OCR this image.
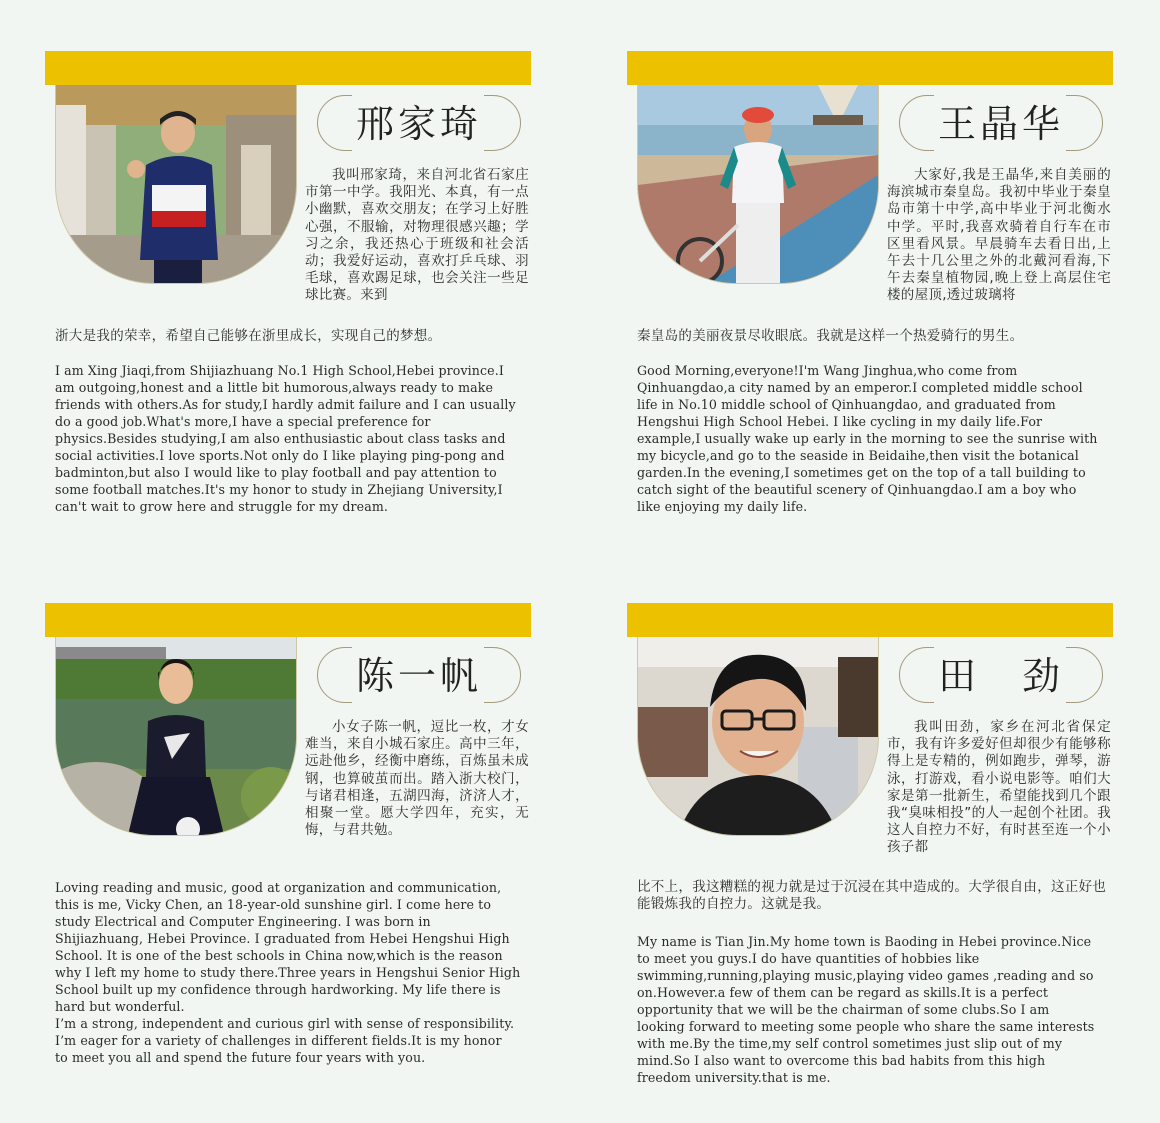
邢家琦
我叫邢家琦，来自河北省石家庄市第一中学。我阳光、本真，有一点小幽默，喜欢交朋友；在学习上好胜心强，不服输，对物理很感兴趣；学习之余，我还热心于班级和社会活动；我爱好运动，喜欢打乒乓球、羽毛球，喜欢踢足球，也会关注一些足球比赛。来到
浙大是我的荣幸，希望自己能够在浙里成长，实现自己的梦想。
I am Xing Jiaqi,from Shijiazhuang No.1 High School,Hebei province.I
am outgoing,honest and a little bit humorous,always ready to make
friends with others.As for study,I hardly admit failure and I can usually
do a good job.What's more,I have a special preference for
physics.Besides studying,I am also enthusiastic about class tasks and
social activities.I love sports.Not only do I like playing ping-pong and
badminton,but also I would like to play football and pay attention to
some football matches.It's my honor to study in Zhejiang University,I
can't wait to grow here and struggle for my dream.
王晶华
大家好,我是王晶华,来自美丽的海滨城市秦皇岛。我初中毕业于秦皇岛市第十中学,高中毕业于河北衡水中学。平时,我喜欢骑着自行车在市区里看风景。早晨骑车去看日出,上午去十几公里之外的北戴河看海,下午去秦皇植物园,晚上登上高层住宅楼的屋顶,透过玻璃将
秦皇岛的美丽夜景尽收眼底。我就是这样一个热爱骑行的男生。
Good Morning,everyone!I'm Wang Jinghua,who come from
Qinhuangdao,a city named by an emperor.I completed middle school
life in No.10 middle school of Qinhuangdao, and graduated from
Hengshui High School Hebei. I like cycling in my daily life.For
example,I usually wake up early in the morning to see the sunrise with
my bicycle,and go to the seaside in Beidaihe,then visit the botanical
garden.In the evening,I sometimes get on the top of a tall building to
catch sight of the beautiful scenery of Qinhuangdao.I am a boy who
like enjoying my daily life.
陈一帆
小女子陈一帆，逗比一枚，才女难当，来自小城石家庄。高中三年，远赴他乡，经衡中磨练，百炼虽未成钢，也算破茧而出。踏入浙大校门，与诸君相逢，五湖四海，济济人才，相聚一堂。愿大学四年，充实，无悔，与君共勉。
Loving reading and music, good at organization and communication,
this is me, Vicky Chen, an 18-year-old sunshine girl. I come here to
study Electrical and Computer Engineering. I was born in
Shijiazhuang, Hebei Province. I graduated from Hebei Hengshui High
School. It is one of the best schools in China now,which is the reason
why I left my home to study there.Three years in Hengshui Senior High
School built up my confidence through hardworking. My life there is
hard but wonderful.
I’m a strong, independent and curious girl with sense of responsibility.
I’m eager for a variety of challenges in different fields.It is my honor
to meet you all and spend the future four years with you.
田　劲
我叫田劲，家乡在河北省保定市，我有许多爱好但却很少有能够称得上是专精的，例如跑步，弹琴，游泳，打游戏，看小说电影等。咱们大家是第一批新生，希望能找到几个跟我“臭味相投”的人一起创个社团。我这人自控力不好，有时甚至连一个小孩子都
比不上，我这糟糕的视力就是过于沉浸在其中造成的。大学很自由，这正好也能锻炼我的自控力。这就是我。
My name is Tian Jin.My home town is Baoding in Hebei province.Nice
to meet you guys.I do have quantities of hobbies like
swimming,running,playing music,playing video games ,reading and so
on.However.a few of them can be regard as skills.It is a perfect
opportunity that we will be the chairman of some clubs.So I am
looking forward to meeting some people who share the same interests
with me.By the time,my self control sometimes just slip out of my
mind.So I also want to overcome this bad habits from this high
freedom university.that is me.
